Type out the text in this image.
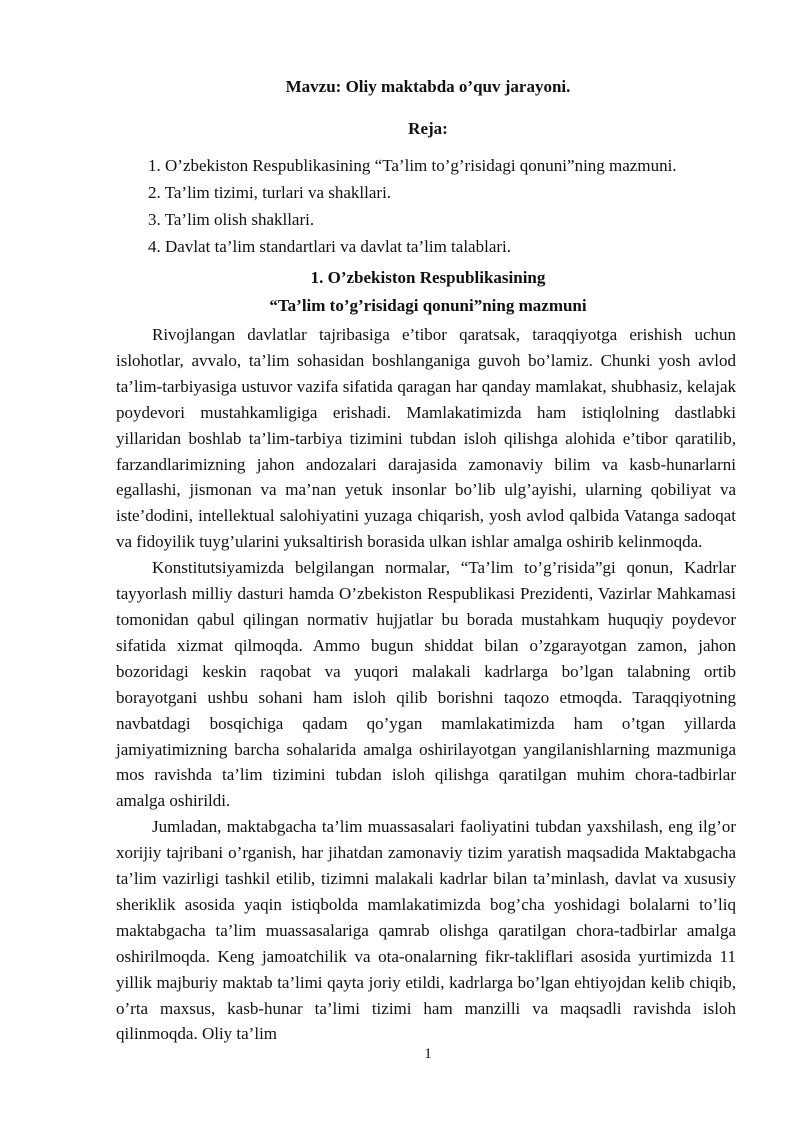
Mavzu: Oliy maktabda o’quv jarayoni.
Reja:
1. O’zbekiston Respublikasining “Ta’lim to’g’risidagi qonuni”ning mazmuni.
2. Ta’lim tizimi, turlari va shakllari.
3. Ta’lim olish shakllari.
4. Davlat ta’lim standartlari va davlat ta’lim talablari.
1. O’zbekiston Respublikasining
“Ta’lim to’g’risidagi qonuni”ning mazmuni

Rivojlangan davlatlar tajribasiga e’tibor qaratsak, taraqqiyotga erishish uchun islohotlar, avvalo, ta’lim sohasidan boshlanganiga guvoh bo’lamiz. Chunki yosh avlod ta’lim-tarbiyasiga ustuvor vazifa sifatida qaragan har qanday mamlakat, shubhasiz, kelajak poydevori mustahkamligiga erishadi. Mamlakatimizda ham istiqlolning dastlabki yillaridan boshlab ta’lim-tarbiya tizimini tubdan isloh qilishga alohida e’tibor qaratilib, farzandlarimizning jahon andozalari darajasida zamonaviy bilim va kasb-hunarlarni egallashi, jismonan va ma’nan yetuk insonlar bo’lib ulg’ayishi, ularning qobiliyat va iste’dodini, intellektual salohiyatini yuzaga chiqarish, yosh avlod qalbida Vatanga sadoqat va fidoyilik tuyg’ularini yuksaltirish borasida ulkan ishlar amalga oshirib kelinmoqda.

Konstitutsiyamizda belgilangan normalar, “Ta’lim to’g’risida”gi qonun, Kadrlar tayyorlash milliy dasturi hamda O’zbekiston Respublikasi Prezidenti, Vazirlar Mahkamasi tomonidan qabul qilingan normativ hujjatlar bu borada mustahkam huquqiy poydevor sifatida xizmat qilmoqda. Ammo bugun shiddat bilan o’zgarayotgan zamon, jahon bozoridagi keskin raqobat va yuqori malakali kadrlarga bo’lgan talabning ortib borayotgani ushbu sohani ham isloh qilib borishni taqozo etmoqda. Taraqqiyotning navbatdagi bosqichiga qadam qo’ygan mamlakatimizda ham o’tgan yillarda jamiyatimizning barcha sohalarida amalga oshirilayotgan yangilanishlarning mazmuniga mos ravishda ta’lim tizimini tubdan isloh qilishga qaratilgan muhim chora-tadbirlar amalga oshirildi.

Jumladan, maktabgacha ta’lim muassasalari faoliyatini tubdan yaxshilash, eng ilg’or xorijiy tajribani o’rganish, har jihatdan zamonaviy tizim yaratish maqsadida Maktabgacha ta’lim vazirligi tashkil etilib, tizimni malakali kadrlar bilan ta’minlash, davlat va xususiy sheriklik asosida yaqin istiqbolda mamlakatimizda bog’cha yoshidagi bolalarni to’liq maktabgacha ta’lim muassasalariga qamrab olishga qaratilgan chora-tadbirlar amalga oshirilmoqda. Keng jamoatchilik va ota-onalarning fikr-takliflari asosida yurtimizda 11 yillik majburiy maktab ta’limi qayta joriy etildi, kadrlarga bo’lgan ehtiyojdan kelib chiqib, o’rta maxsus, kasb-hunar ta’limi tizimi ham manzilli va maqsadli ravishda isloh qilinmoqda. Oliy ta’lim

1
